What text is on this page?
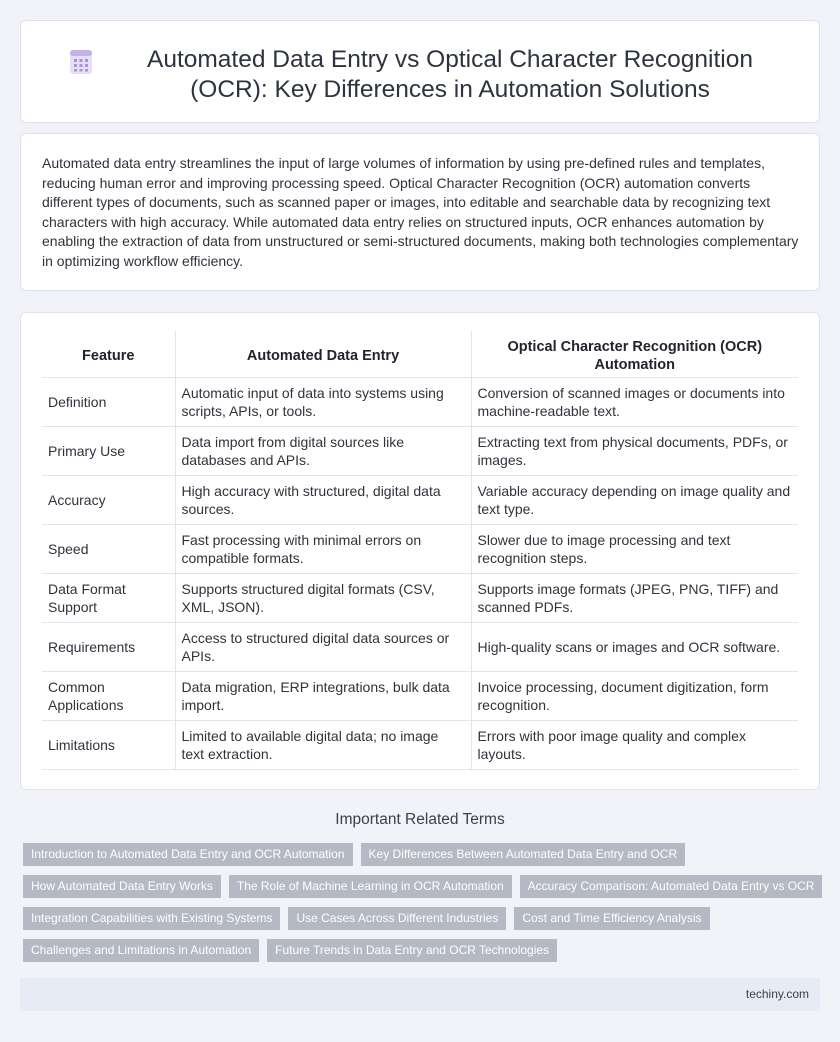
Automated Data Entry vs Optical Character Recognition (OCR): Key Differences in Automation Solutions

Automated data entry streamlines the input of large volumes of information by using pre-defined rules and templates, reducing human error and improving processing speed. Optical Character Recognition (OCR) automation converts different types of documents, such as scanned paper or images, into editable and searchable data by recognizing text characters with high accuracy. While automated data entry relies on structured inputs, OCR enhances automation by enabling the extraction of data from unstructured or semi-structured documents, making both technologies complementary in optimizing workflow efficiency.

Feature	Automated Data Entry	Optical Character Recognition (OCR) Automation
Definition	Automatic input of data into systems using scripts, APIs, or tools.	Conversion of scanned images or documents into machine-readable text.
Primary Use	Data import from digital sources like databases and APIs.	Extracting text from physical documents, PDFs, or images.
Accuracy	High accuracy with structured, digital data sources.	Variable accuracy depending on image quality and text type.
Speed	Fast processing with minimal errors on compatible formats.	Slower due to image processing and text recognition steps.
Data Format Support	Supports structured digital formats (CSV, XML, JSON).	Supports image formats (JPEG, PNG, TIFF) and scanned PDFs.
Requirements	Access to structured digital data sources or APIs.	High-quality scans or images and OCR software.
Common Applications	Data migration, ERP integrations, bulk data import.	Invoice processing, document digitization, form recognition.
Limitations	Limited to available digital data; no image text extraction.	Errors with poor image quality and complex layouts.
Important Related Terms
Introduction to Automated Data Entry and OCR Automation	Key Differences Between Automated Data Entry and OCR
How Automated Data Entry Works	The Role of Machine Learning in OCR Automation	Accuracy Comparison: Automated Data Entry vs OCR
Integration Capabilities with Existing Systems	Use Cases Across Different Industries	Cost and Time Efficiency Analysis
Challenges and Limitations in Automation	Future Trends in Data Entry and OCR Technologies
techiny.com
